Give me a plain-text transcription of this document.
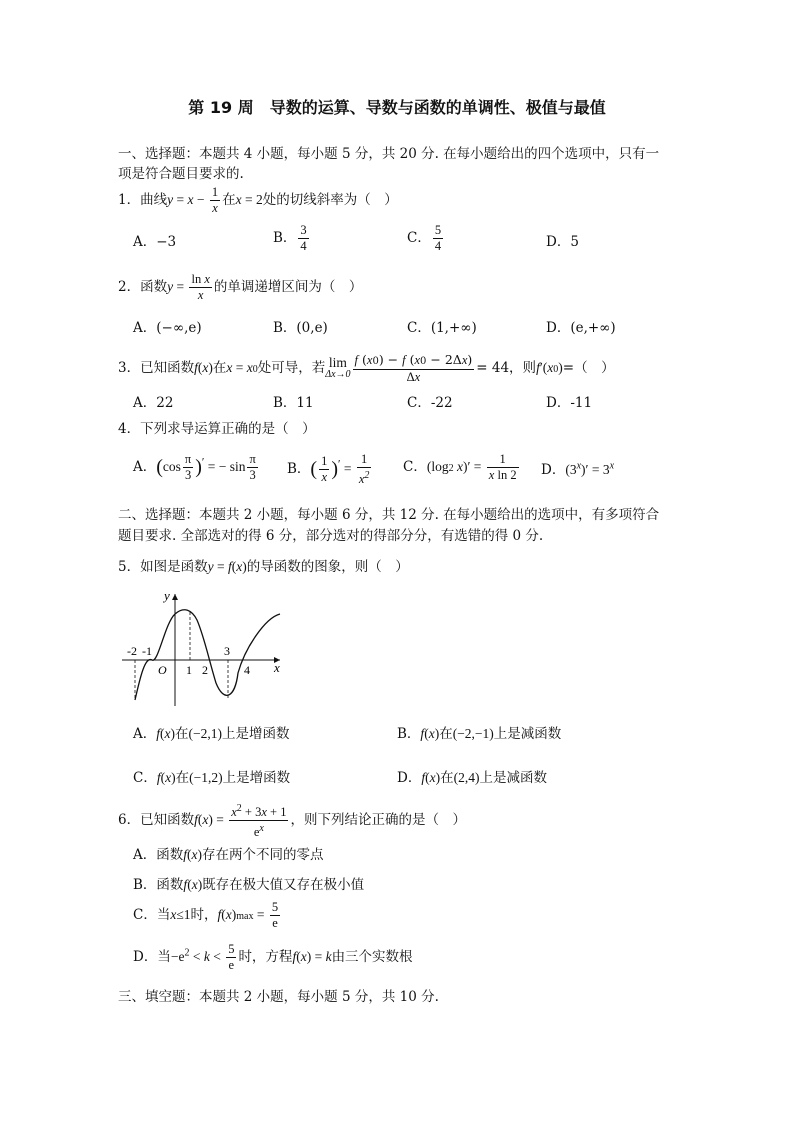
第 19 周　导数的运算、导数与函数的单调性、极值与最值
一、选择题：本题共 4 小题，每小题 5 分，共 20 分. 在每小题给出的四个选项中，只有一
项是符合题目要求的.
1．曲线$y = x - \frac{1}{x}$ 在x = 2处的切线斜率为（　）
A．−3	B． $\frac{3}{4}$	C． $\frac{5}{4}$	D．5
2．函数$y = \frac{\text{ln x}}{x}$ 的单调递增区间为（　）
A．(−∞,e)	B．(0,e)	C．(1,+∞)	D．(e,+∞)
3．已知函数f(x)在x = x0处可导，若 lim
$\Delta x\to 0 \frac{f (x0) - f (x0 - 2\Delta x)}{\Delta x} = 44$，则f′(x0)=（　）
A．22	B．11	C．-22	D．-11
4．下列求导运算正确的是（　）
A．$(\cos \frac{\pi}{3} )'$ = − $\sin \frac{\pi}{3}$ B．( $\frac{1}{x} )' = \frac{1}{x^2}$ C．(log2 $x)' = \frac{1}{\text{x ln 2}}$ D．$(3^x)' = 3^x$
二、选择题：本题共 2 小题，每小题 6 分，共 12 分. 在每小题给出的选项中，有多项符合
题目要求. 全部选对的得 6 分，部分选对的得部分分，有选错的得 0 分.
5．如图是函数y = f(x)的导函数的图象，则（　）
y
x
O
-2 -1
1 2
3
4
A．f(x)在(−2,1)上是增函数	B．f(x)在(−2,−1)上是减函数
C．f(x)在(−1,2)上是增函数	D．f(x)在(2,4)上是减函数
6．已知函数$f(x) = \frac{x^2 + 3x + 1}{e^x}$ ，则下列结论正确的是（　）
A．函数f(x)存在两个不同的零点
B．函数f(x)既存在极大值又存在极小值
C．当x≤1时，$f(x)\max = \frac{5}{e}$
D．当$-e^2 < k < \frac{5}{e}$ 时，方程f(x) = k由三个实数根
三、填空题：本题共 2 小题，每小题 5 分，共 10 分.
